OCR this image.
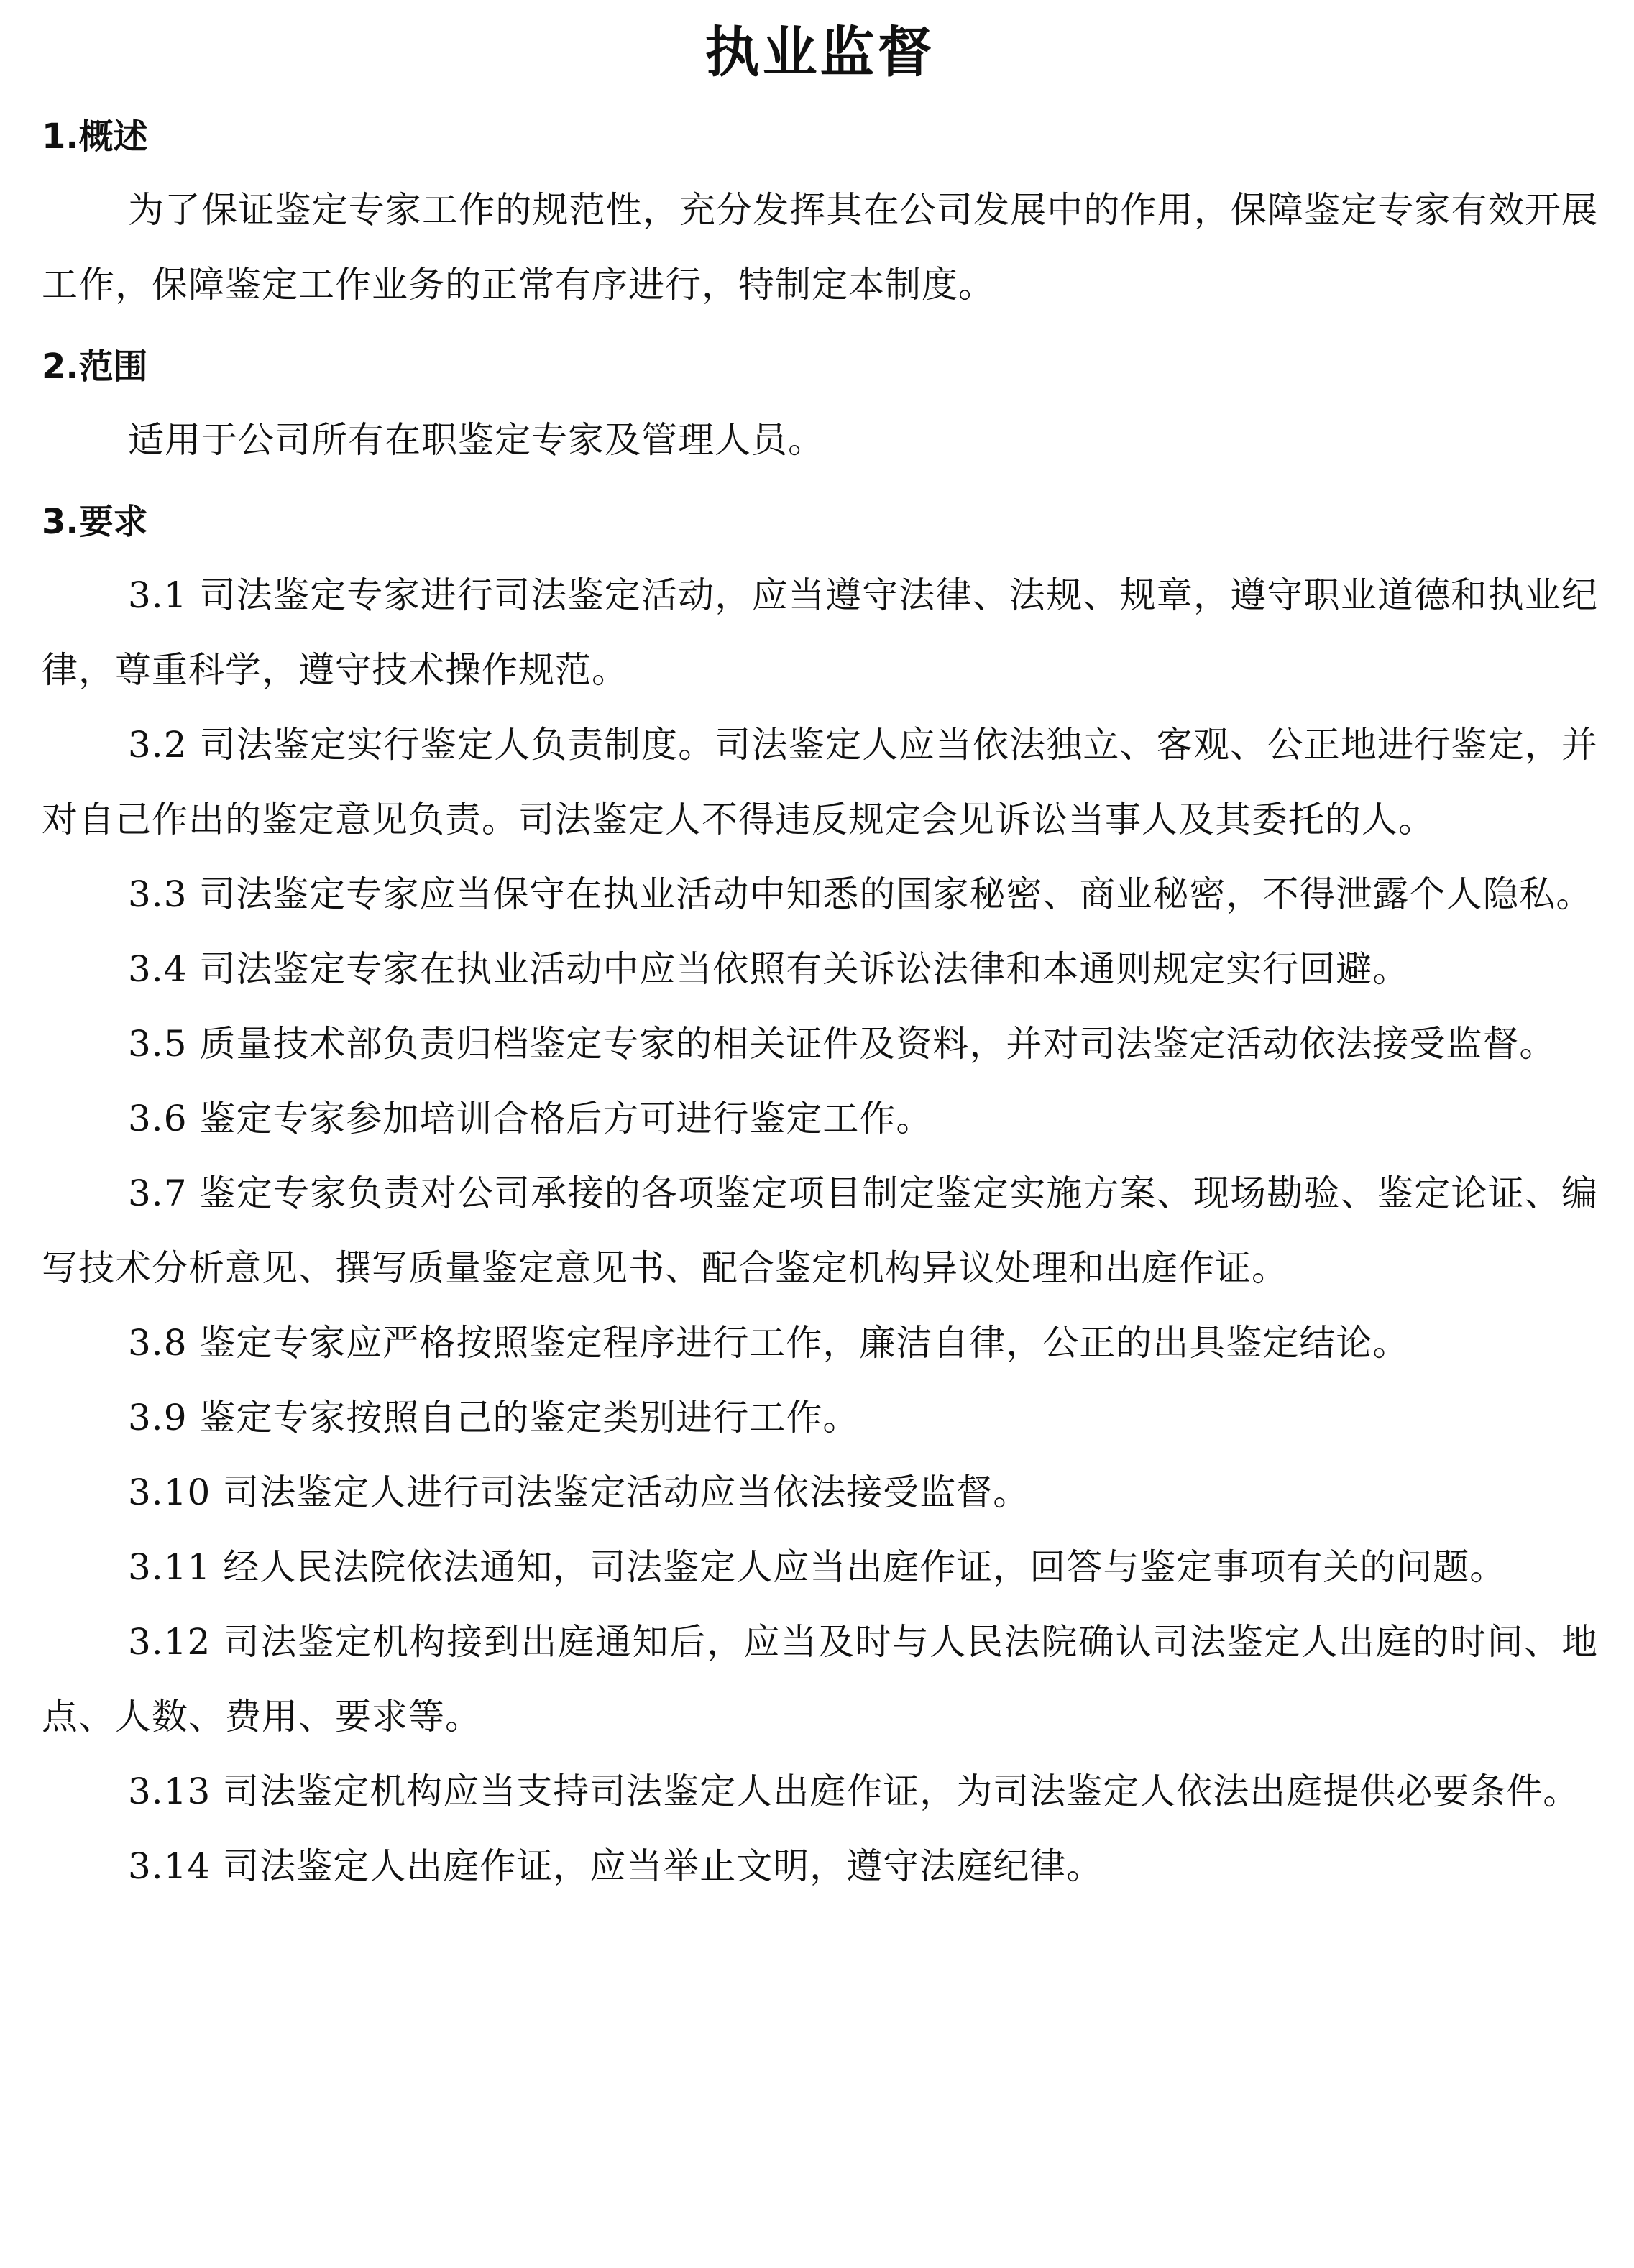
执业监督
1.概述

为了保证鉴定专家工作的规范性，充分发挥其在公司发展中的作用，保障鉴定专家有效开展工作，保障鉴定工作业务的正常有序进行，特制定本制度。

2.范围

适用于公司所有在职鉴定专家及管理人员。

3.要求

3.1 司法鉴定专家进行司法鉴定活动，应当遵守法律、法规、规章，遵守职业道德和执业纪律，尊重科学，遵守技术操作规范。

3.2 司法鉴定实行鉴定人负责制度。司法鉴定人应当依法独立、客观、公正地进行鉴定，并对自己作出的鉴定意见负责。司法鉴定人不得违反规定会见诉讼当事人及其委托的人。

3.3 司法鉴定专家应当保守在执业活动中知悉的国家秘密、商业秘密，不得泄露个人隐私。

3.4 司法鉴定专家在执业活动中应当依照有关诉讼法律和本通则规定实行回避。

3.5 质量技术部负责归档鉴定专家的相关证件及资料，并对司法鉴定活动依法接受监督。

3.6 鉴定专家参加培训合格后方可进行鉴定工作。

3.7 鉴定专家负责对公司承接的各项鉴定项目制定鉴定实施方案、现场勘验、鉴定论证、编写技术分析意见、撰写质量鉴定意见书、配合鉴定机构异议处理和出庭作证。

3.8 鉴定专家应严格按照鉴定程序进行工作，廉洁自律，公正的出具鉴定结论。

3.9 鉴定专家按照自己的鉴定类别进行工作。

3.10 司法鉴定人进行司法鉴定活动应当依法接受监督。

3.11 经人民法院依法通知，司法鉴定人应当出庭作证，回答与鉴定事项有关的问题。

3.12 司法鉴定机构接到出庭通知后，应当及时与人民法院确认司法鉴定人出庭的时间、地点、人数、费用、要求等。

3.13 司法鉴定机构应当支持司法鉴定人出庭作证，为司法鉴定人依法出庭提供必要条件。

3.14 司法鉴定人出庭作证，应当举止文明，遵守法庭纪律。
